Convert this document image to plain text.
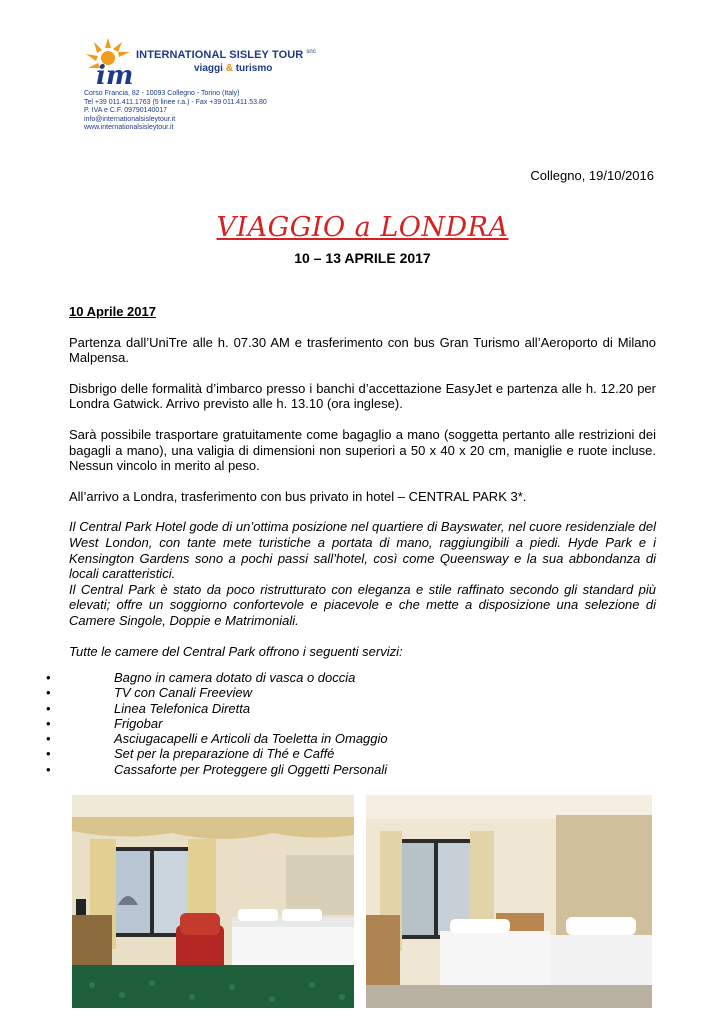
im
INTERNATIONAL SISLEY TOUR $^{snc}$
viaggi & turismo
Corso Francia, 82 - 10093 Collegno - Torino (Italy)
Tel +39 011.411.1763 (5 linee r.a.) - Fax +39 011.411.53.80
P. IVA e C.F. 09790140017
info@internationalsisleytour.it
www.internationalsisleytour.it
Collegno, 19/10/2016
VIAGGIO a LONDRA
10 – 13 APRILE 2017

10 Aprile 2017

Partenza dall’UniTre alle h. 07.30 AM e trasferimento con bus Gran Turismo all’Aeroporto di Milano Malpensa.

Disbrigo delle formalità d’imbarco presso i banchi d’accettazione EasyJet e partenza alle h. 12.20 per Londra Gatwick. Arrivo previsto alle h. 13.10 (ora inglese).

Sarà possibile trasportare gratuitamente come bagaglio a mano (soggetta pertanto alle restrizioni dei bagagli a mano), una valigia di dimensioni non superiori a 50 x 40 x 20 cm, maniglie e ruote incluse. Nessun vincolo in merito al peso.

All’arrivo a Londra, trasferimento con bus privato in hotel – CENTRAL PARK 3*.

Il Central Park Hotel gode di un’ottima posizione nel quartiere di Bayswater, nel cuore residenziale del West London, con tante mete turistiche a portata di mano, raggiungibili a piedi. Hyde Park e i Kensington Gardens sono a pochi passi sall’hotel, così come Queensway e la sua abbondanza di locali caratteristici.

Il Central Park è stato da poco ristrutturato con eleganza e stile raffinato secondo gli standard più elevati; offre un soggiorno confortevole e piacevole e che mette a disposizione una selezione di Camere Singole, Doppie e Matrimoniali.

Tutte le camere del Central Park offrono i seguenti servizi:

•	Bagno in camera dotato di vasca o doccia
•	TV con Canali Freeview
•	Linea Telefonica Diretta
•	Frigobar
•	Asciugacapelli e Articoli da Toeletta in Omaggio
•	Set per la preparazione di Thé e Caffé
•	Cassaforte per Proteggere gli Oggetti Personali
